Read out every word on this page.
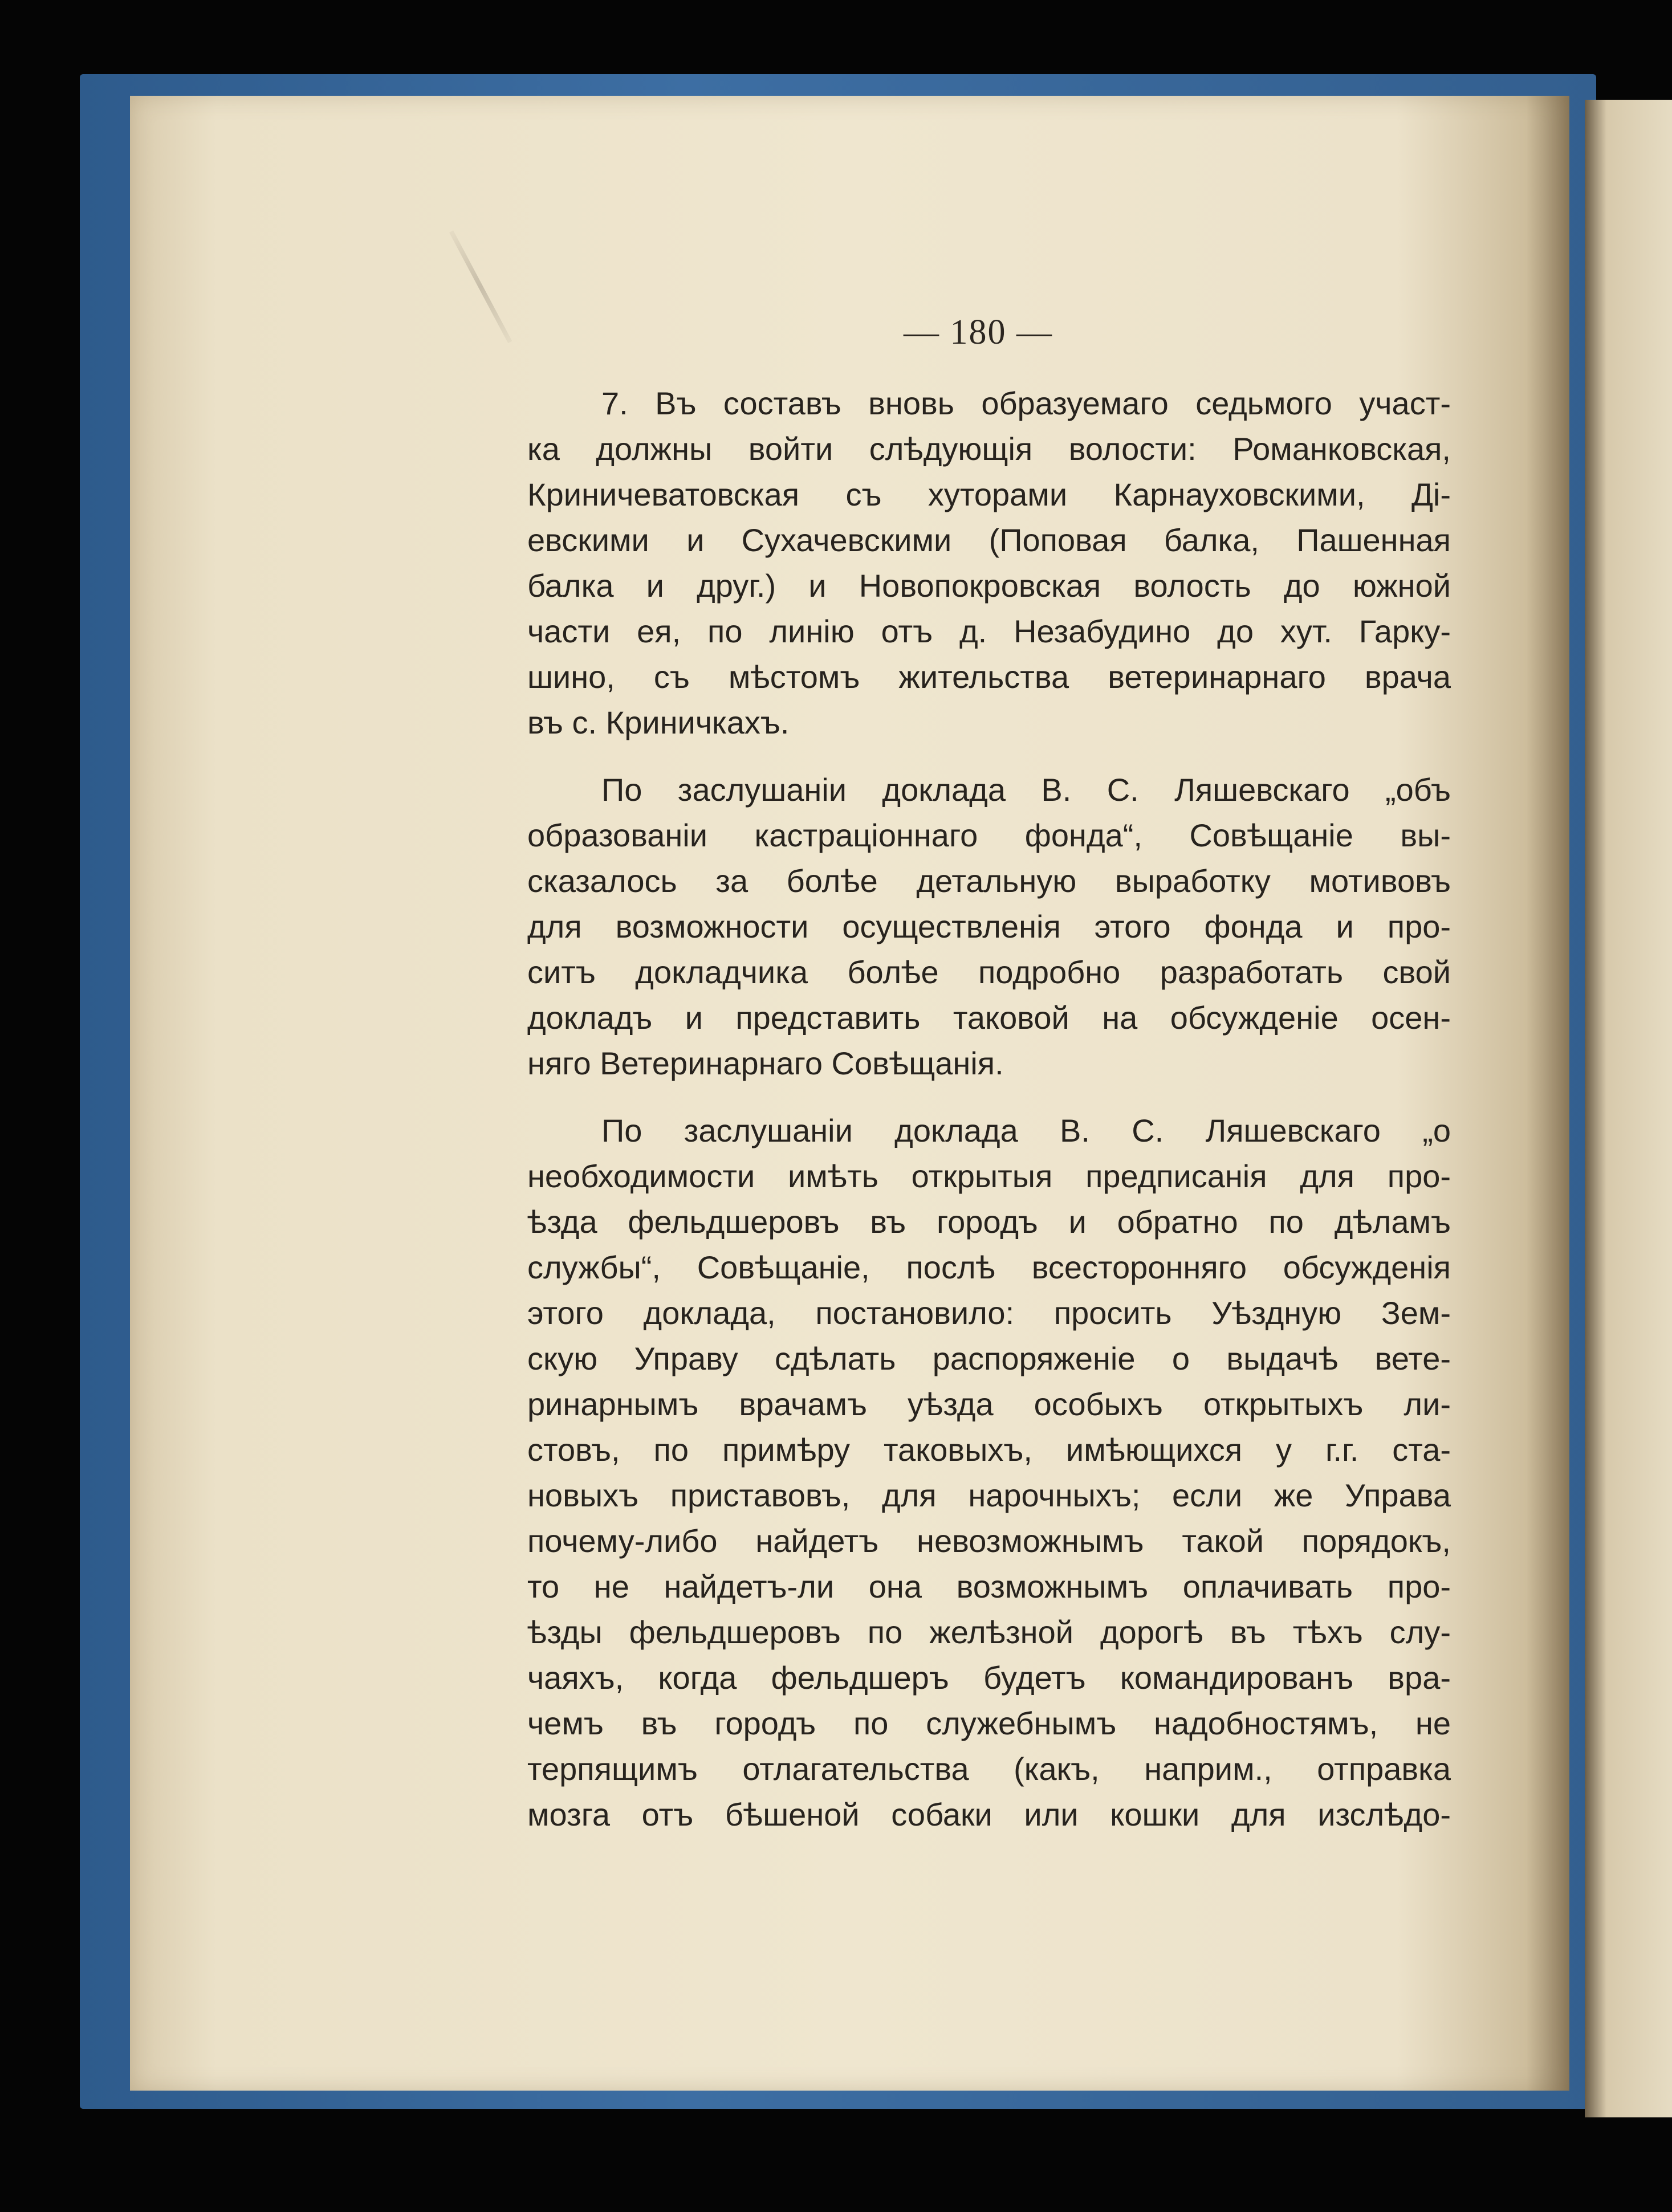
— 180 —
7. Въ составъ вновь образуемаго седьмого участ-
ка должны войти слѣдующія волости: Романковская,
Криничеватовская съ хуторами Карнауховскими, Ді-
евскими и Сухачевскими (Поповая балка, Пашенная
балка и друг.) и Новопокровская волость до южной
части ея, по линію отъ д. Незабудино до хут. Гарку-
шино, съ мѣстомъ жительства ветеринарнаго врача
въ с. Криничкахъ.
По заслушаніи доклада В. С. Ляшевскаго „объ
образованіи кастраціоннаго фонда“, Совѣщаніе вы-
сказалось за болѣе детальную выработку мотивовъ
для возможности осуществленія этого фонда и про-
ситъ докладчика болѣе подробно разработать свой
докладъ и представить таковой на обсужденіе осен-
няго Ветеринарнаго Совѣщанія.
По заслушаніи доклада В. С. Ляшевскаго „о
необходимости имѣть открытыя предписанія для про-
ѣзда фельдшеровъ въ городъ и обратно по дѣламъ
службы“, Совѣщаніе, послѣ всесторонняго обсужденія
этого доклада, постановило: просить Уѣздную Зем-
скую Управу сдѣлать распоряженіе о выдачѣ вете-
ринарнымъ врачамъ уѣзда особыхъ открытыхъ ли-
стовъ, по примѣру таковыхъ, имѣющихся у г.г. ста-
новыхъ приставовъ, для нарочныхъ; если же Управа
почему-либо найдетъ невозможнымъ такой порядокъ,
то не найдетъ-ли она возможнымъ оплачивать про-
ѣзды фельдшеровъ по желѣзной дорогѣ въ тѣхъ слу-
чаяхъ, когда фельдшеръ будетъ командированъ вра-
чемъ въ городъ по служебнымъ надобностямъ, не
терпящимъ отлагательства (какъ, наприм., отправка
мозга отъ бѣшеной собаки или кошки для изслѣдо-
